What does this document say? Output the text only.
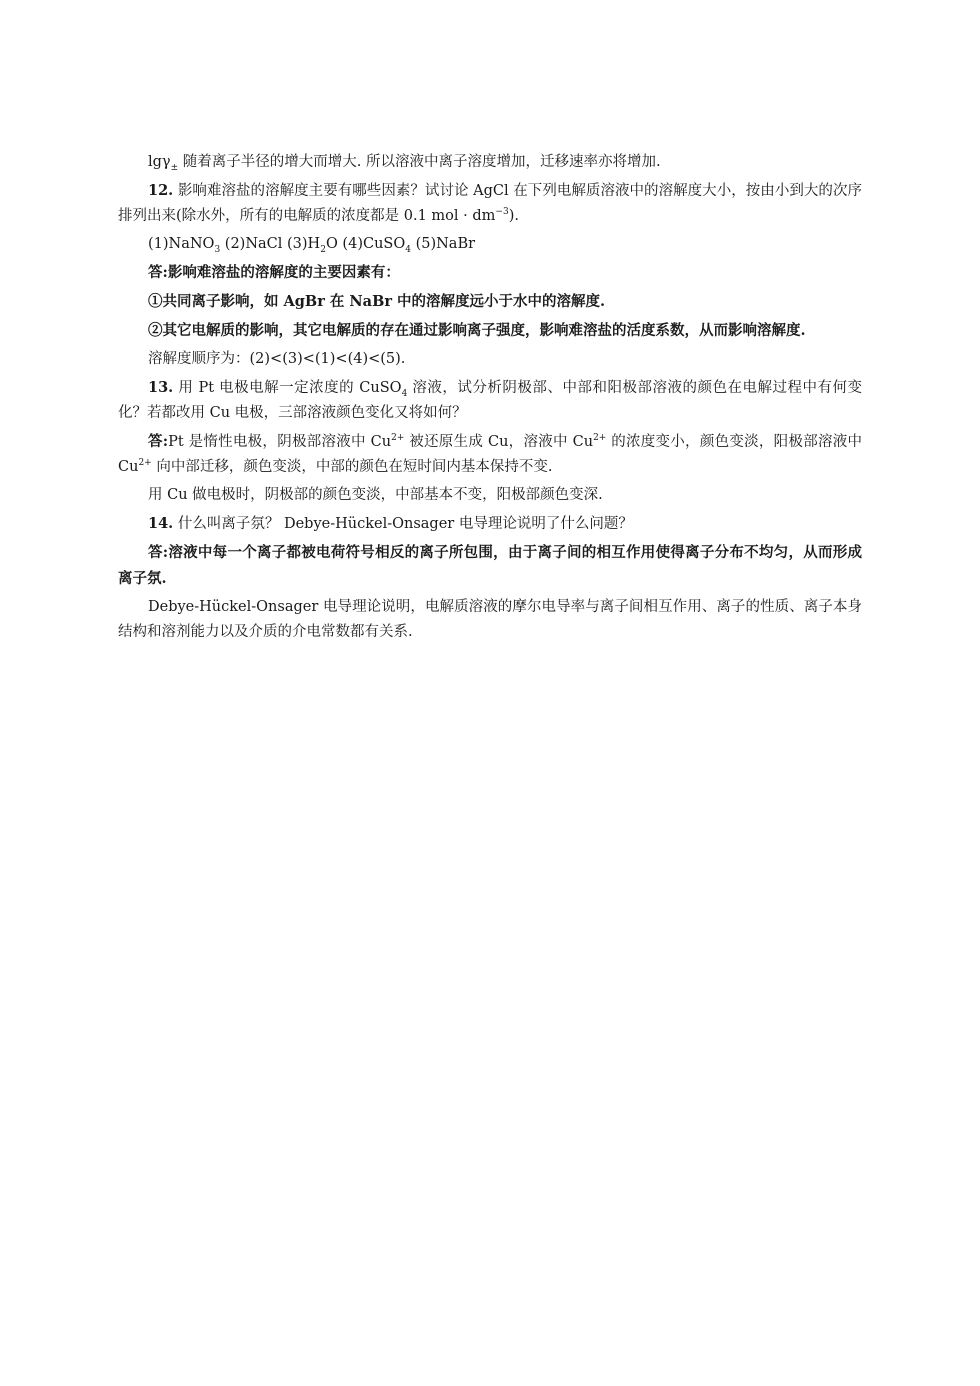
lgγ$_\pm$ 随着离子半径的增大而增大. 所以溶液中离子溶度增加，迁移速率亦将增加.

12. 影响难溶盐的溶解度主要有哪些因素？试讨论 AgCl 在下列电解质溶液中的溶解度大小，按由小到大的次序排列出来(除水外，所有的电解质的浓度都是 0.1 mol · $dm^{-3}$).

(1)NaNO$_3$ (2)NaCl $(3)H_2O$ (4)CuSO$_4$ (5)NaBr

答:影响难溶盐的溶解度的主要因素有：

①共同离子影响，如 AgBr 在 NaBr 中的溶解度远小于水中的溶解度.

②其它电解质的影响，其它电解质的存在通过影响离子强度，影响难溶盐的活度系数，从而影响溶解度.

溶解度顺序为：(2)<(3)<(1)<(4)<(5).

13. 用 Pt 电极电解一定浓度的 CuSO$_4$ 溶液，试分析阴极部、中部和阳极部溶液的颜色在电解过程中有何变化？若都改用 Cu 电极，三部溶液颜色变化又将如何？

答:Pt 是惰性电极，阴极部溶液中 $Cu^{2+}$ 被还原生成 Cu，溶液中 $Cu^{2+}$ 的浓度变小，颜色变淡，阳极部溶液中 $Cu^{2+}$ 向中部迁移，颜色变淡，中部的颜色在短时间内基本保持不变.

用 Cu 做电极时，阴极部的颜色变淡，中部基本不变，阳极部颜色变深.

14. 什么叫离子氛？ Debye-Hückel-Onsager 电导理论说明了什么问题？

答:溶液中每一个离子都被电荷符号相反的离子所包围，由于离子间的相互作用使得离子分布不均匀，从而形成离子氛.

Debye-Hückel-Onsager 电导理论说明，电解质溶液的摩尔电导率与离子间相互作用、离子的性质、离子本身结构和溶剂能力以及介质的介电常数都有关系.
